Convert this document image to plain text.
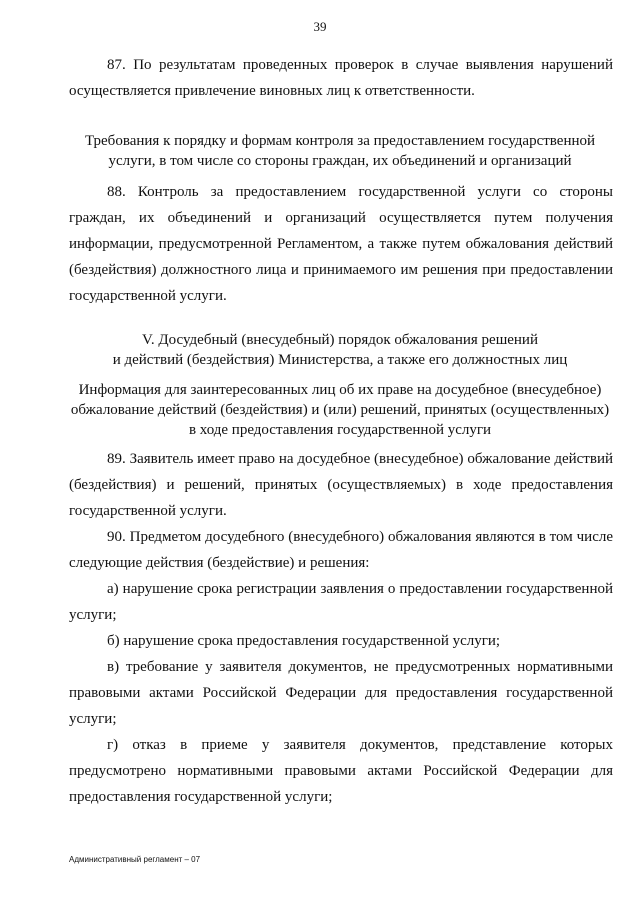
39

87. По результатам проведенных проверок в случае выявления нарушений осуществляется привлечение виновных лиц к ответственности.

Требования к порядку и формам контроля за предоставлением государственной
услуги, в том числе со стороны граждан, их объединений и организаций

88. Контроль за предоставлением государственной услуги со стороны граждан, их объединений и организаций осуществляется путем получения информации, предусмотренной Регламентом, а также путем обжалования действий (бездействия) должностного лица и принимаемого им решения при предоставлении государственной услуги.

V. Досудебный (внесудебный) порядок обжалования решений
и действий (бездействия) Министерства, а также его должностных лиц
Информация для заинтересованных лиц об их праве на досудебное (внесудебное)
обжалование действий (бездействия) и (или) решений, принятых (осуществленных)
в ходе предоставления государственной услуги

89. Заявитель имеет право на досудебное (внесудебное) обжалование действий (бездействия) и решений, принятых (осуществляемых) в ходе предоставления государственной услуги.

90. Предметом досудебного (внесудебного) обжалования являются в том числе следующие действия (бездействие) и решения:

а) нарушение срока регистрации заявления о предоставлении государственной услуги;

б) нарушение срока предоставления государственной услуги;

в) требование у заявителя документов, не предусмотренных нормативными правовыми актами Российской Федерации для предоставления государственной услуги;

г) отказ в приеме у заявителя документов, представление которых предусмотрено нормативными правовыми актами Российской Федерации для предоставления государственной услуги;

Административный регламент – 07
